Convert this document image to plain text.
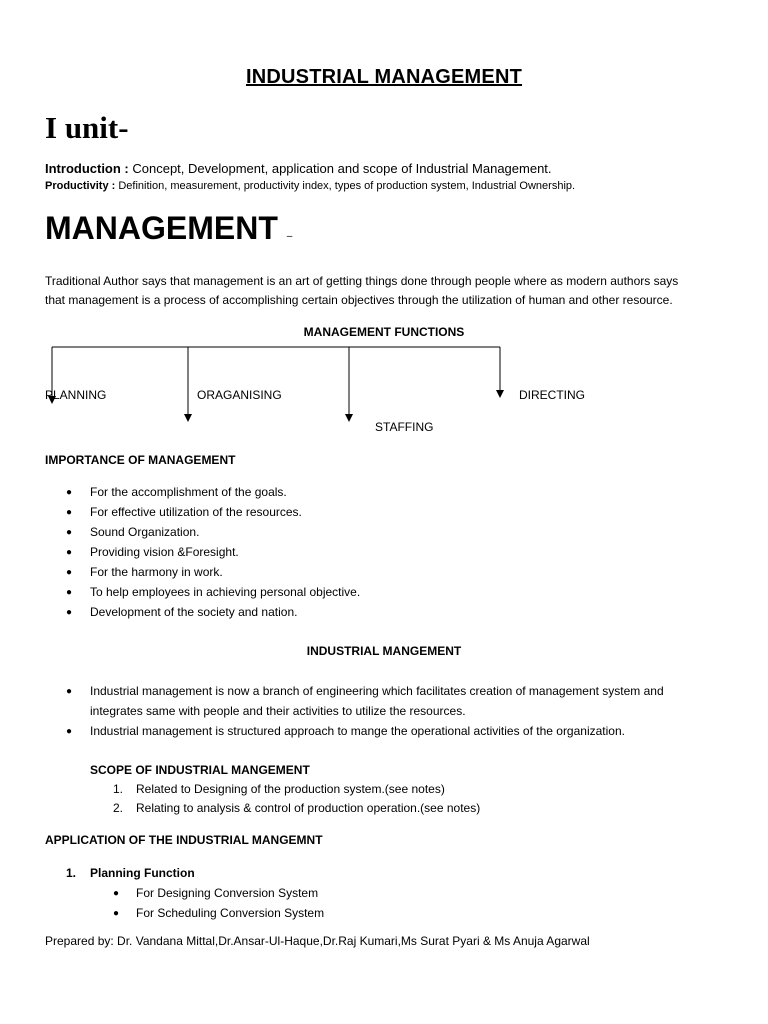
INDUSTRIAL MANAGEMENT
I unit-
Introduction : Concept, Development, application and scope of Industrial Management.
Productivity : Definition, measurement, productivity index, types of production system, Industrial Ownership.
MANAGEMENT –
Traditional Author says that management is an art of getting things done through people where as modern authors says
that management is a process of accomplishing certain objectives through the utilization of human and other resource.
MANAGEMENT FUNCTIONS
PLANNING	ORAGANISING
STAFFING
DIRECTING
IMPORTANCE OF MANAGEMENT
● For the accomplishment of the goals.
● For effective utilization of the resources.
● Sound Organization.
● Providing vision &Foresight.
● For the harmony in work.
● To help employees in achieving personal objective.
● Development of the society and nation.
INDUSTRIAL MANGEMENT
● Industrial management is now a branch of engineering which facilitates creation of management system and
integrates same with people and their activities to utilize the resources.
● Industrial management is structured approach to mange the operational activities of the organization.
SCOPE OF INDUSTRIAL MANGEMENT
1. Related to Designing of the production system.(see notes)
2. Relating to analysis & control of production operation.(see notes)
APPLICATION OF THE INDUSTRIAL MANGEMNT
1. Planning Function
● For Designing Conversion System
● For Scheduling Conversion System
Prepared by: Dr. Vandana Mittal,Dr.Ansar-Ul-Haque,Dr.Raj Kumari,Ms Surat Pyari & Ms Anuja Agarwal
